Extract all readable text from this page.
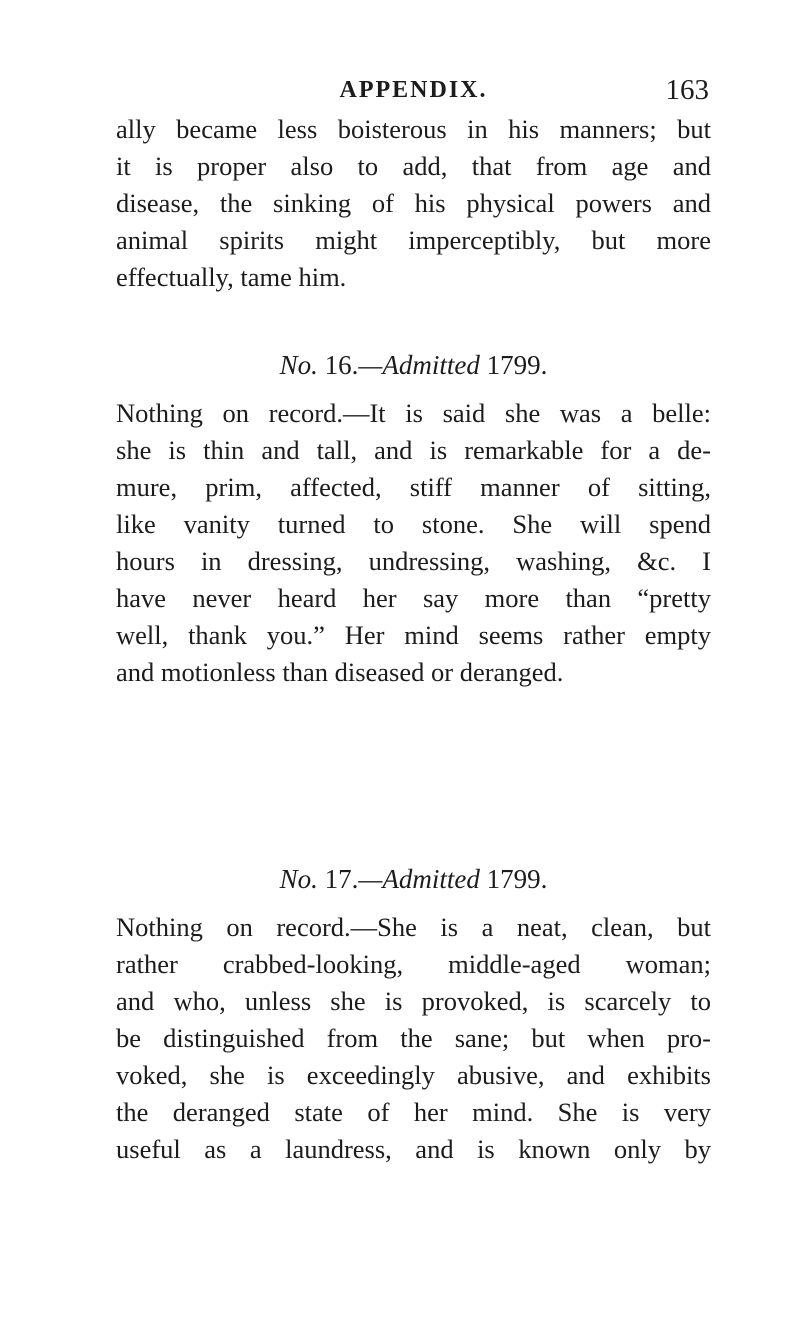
APPENDIX.	163
ally became less boisterous in his manners; but
it is proper also to add, that from age and
disease, the sinking of his physical powers and
animal spirits might imperceptibly, but more
effectually, tame him.
No. 16.—Admitted 1799.
Nothing on record.—It is said she was a belle:
she is thin and tall, and is remarkable for a de-
mure, prim, affected, stiff manner of sitting,
like vanity turned to stone. She will spend
hours in dressing, undressing, washing, &c. I
have never heard her say more than “pretty
well, thank you.” Her mind seems rather empty
and motionless than diseased or deranged.
No. 17.—Admitted 1799.
Nothing on record.—She is a neat, clean, but
rather crabbed-looking, middle-aged woman;
and who, unless she is provoked, is scarcely to
be distinguished from the sane; but when pro-
voked, she is exceedingly abusive, and exhibits
the deranged state of her mind. She is very
useful as a laundress, and is known only by
